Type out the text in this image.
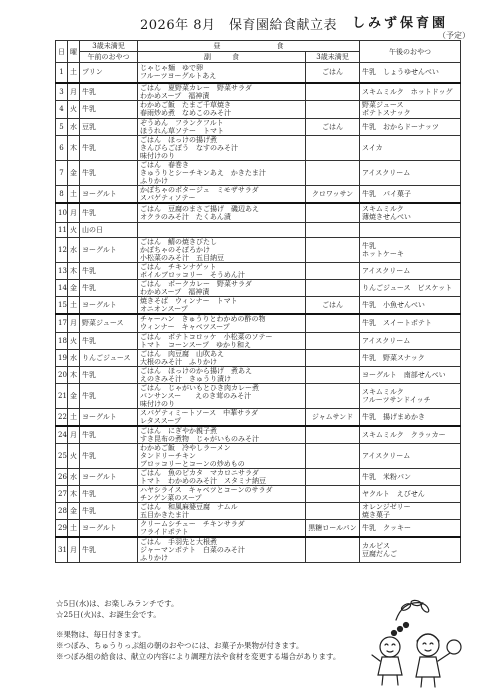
2026年 8月　保育園給食献立表 しみず保育園
（予定）
日	曜	3歳未満児	昼　　　　　　　　食		午後のおやつ
		午前のおやつ	副　　　食	3歳未満児	
1	土	プリン	じゃじゃ麺　ゆで卵
フルーツヨーグルトあえ	ごはん	牛乳　しょうゆせんべい
3	月	牛乳	ごはん　夏野菜カレー　野菜サラダ
わかめスープ　福神漬		スキムミルク　ホットドッグ
4	火	牛乳	わかめご飯　たまご千草焼き
春雨炒め煮　なめこのみそ汁		野菜ジュース
ポテトスナック
5	水	豆乳	ぞうめん　フランクフルト
ほうれん草ソテー　トマト	ごはん	牛乳　おからドーナッツ
6	木	牛乳	ごはん　ほっけの揚げ煮
きんぴらごぼう　なすのみそ汁
味付けのり		スイカ
7	金	牛乳	ごはん　春巻き
きゅうりとシーチキンあえ　かきたま汁
ふりかけ		アイスクリーム
8	土	ヨーグルト	かぼちゃのポタージュ　ミモザサラダ
スパゲティソテー	クロワッサン	牛乳　パイ菓子
10	月	牛乳	ごはん　豆腐のまさご揚げ　磯辺あえ
オクラのみそ汁　たくあん漬		スキムミルク
薄焼きせんべい
11	火	山の日			
12	水	ヨーグルト	ごはん　鯖の焼きびたし
かぼちゃのそぼろかけ
小松菜のみそ汁　五目納豆		牛乳
ホットケーキ
13	木	牛乳	ごはん　チキンナゲット
ボイルブロッコリー　そうめん汁		アイスクリーム
14	金	牛乳	ごはん　ポークカレー　野菜サラダ
わかめスープ　福神漬		りんごジュース　ビスケット
15	土	ヨーグルト	焼きそば　ウィンナー　トマト
オニオンスープ	ごはん	牛乳　小魚せんべい
17	月	野菜ジュース	チャーハン　きゅうりとわかめの酢の物
ウィンナー　キャベツスープ		牛乳　スイートポテト
18	火	牛乳	ごはん　ポテトコロッケ　小松菜のソテー
トマト　コーンスープ　ゆかり和え		アイスクリーム
19	水	りんごジュース	ごはん　肉豆腐　山吹あえ
大根のみそ汁　ふりかけ		牛乳　野菜スナック
20	木	牛乳	ごはん　ほっけのから揚げ　煮あえ
えのきみそ汁　きゅうり漬け		ヨーグルト　南部せんべい
21	金	牛乳	ごはん　じゃがいもとひき肉カレー煮
バンサンスー　　えのき茸のみそ汁
味付けのり		スキムミルク
フルーツサンドイッチ
22	土	ヨーグルト	スパゲティミートソース　中華サラダ
レタススープ	ジャムサンド	牛乳　揚げまめかき
24	月	牛乳	ごはん　にぎやか親子煮
すき昆布の煮物　じゃがいものみそ汁		スキムミルク　クラッカー
25	火	牛乳	わかめご飯　冷やしラーメン
タンドリーチキン
ブロッコリーとコーンの炒めもの		アイスクリーム
26	水	ヨーグルト	ごはん　魚のピカタ　マカロニサラダ
トマト　わかめのみそ汁　スタミナ納豆		牛乳　米粉パン
27	木	牛乳	ハヤシライス　キャベツとコーンのサラダ
チンゲン菜のスープ		ヤクルト　えびせん
28	金	牛乳	ごはん　和風麻婆豆腐　ナムル
五目かきたま汁		オレンジゼリー
焼き菓子
29	土	ヨーグルト	クリームシチュー　チキンサラダ
フライドポテト	黒糖ロールパン	牛乳　クッキー
31	月	牛乳	ごはん　手羽先と大根煮
ジャーマンポテト　白菜のみそ汁
ふりかけ		カルピス
豆腐だんご

☆5日(水)は、お楽しみランチです。

☆25日(火)は、お誕生会です。

※果物は、毎日付きます。

※つぼみ、ちゅうりっぷ組の朝のおやつには、お菓子か果物が付きます。

※つぼみ組の給食は、献立の内容により調理方法や食材を変更する場合があります。
